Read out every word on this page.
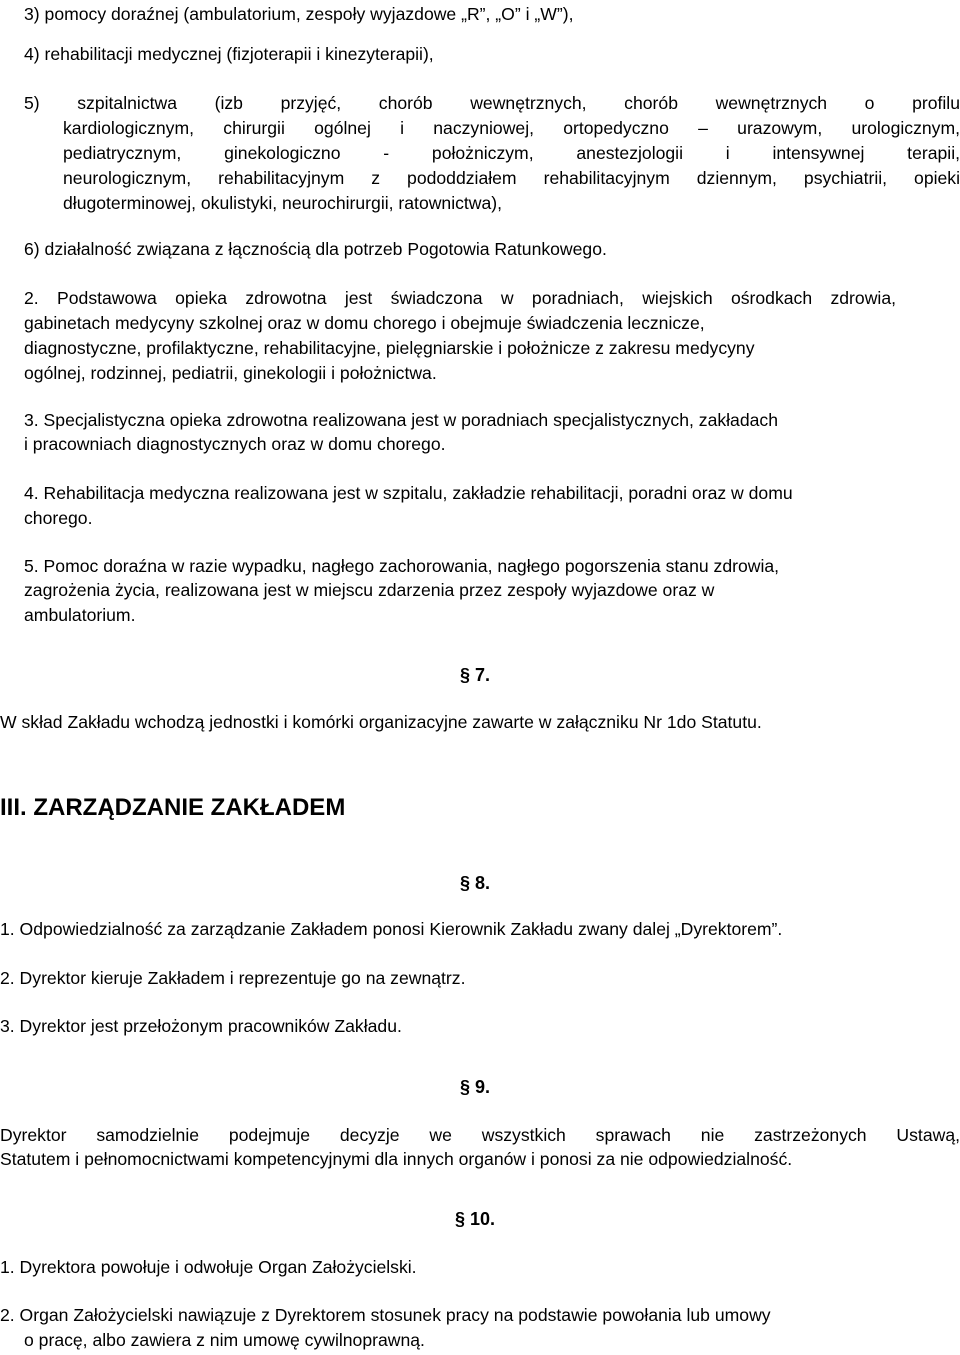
3) pomocy doraźnej (ambulatorium, zespoły wyjazdowe „R”, „O” i „W”),
4) rehabilitacji medycznej (fizjoterapii i kinezyterapii),
5) szpitalnictwa (izb przyjęć, chorób wewnętrznych, chorób wewnętrznych o profilu
kardiologicznym, chirurgii ogólnej i naczyniowej, ortopedyczno – urazowym, urologicznym,
pediatrycznym, ginekologiczno - położniczym, anestezjologii i intensywnej terapii,
neurologicznym, rehabilitacyjnym z pododdziałem rehabilitacyjnym dziennym, psychiatrii, opieki
długoterminowej, okulistyki, neurochirurgii, ratownictwa),
6) działalność związana z łącznością dla potrzeb Pogotowia Ratunkowego.
2. Podstawowa opieka zdrowotna jest świadczona w poradniach, wiejskich ośrodkach zdrowia,
gabinetach medycyny szkolnej oraz w domu chorego i obejmuje świadczenia lecznicze,
diagnostyczne, profilaktyczne, rehabilitacyjne, pielęgniarskie i położnicze z zakresu medycyny
ogólnej, rodzinnej, pediatrii, ginekologii i położnictwa.
3. Specjalistyczna opieka zdrowotna realizowana jest w poradniach specjalistycznych, zakładach
i pracowniach diagnostycznych oraz w domu chorego.
4. Rehabilitacja medyczna realizowana jest w szpitalu, zakładzie rehabilitacji, poradni oraz w domu
chorego.
5. Pomoc doraźna w razie wypadku, nagłego zachorowania, nagłego pogorszenia stanu zdrowia,
zagrożenia życia, realizowana jest w miejscu zdarzenia przez zespoły wyjazdowe oraz w
ambulatorium.
§ 7.
W skład Zakładu wchodzą jednostki i komórki organizacyjne zawarte w załączniku Nr 1do Statutu.
III. ZARZĄDZANIE ZAKŁADEM
§ 8.
1. Odpowiedzialność za zarządzanie Zakładem ponosi Kierownik Zakładu zwany dalej „Dyrektorem”.
2. Dyrektor kieruje Zakładem i reprezentuje go na zewnątrz.
3. Dyrektor jest przełożonym pracowników Zakładu.
§ 9.
Dyrektor samodzielnie podejmuje decyzje we wszystkich sprawach nie zastrzeżonych Ustawą,
Statutem i pełnomocnictwami kompetencyjnymi dla innych organów i ponosi za nie odpowiedzialność.
§ 10.
1. Dyrektora powołuje i odwołuje Organ Założycielski.
2. Organ Założycielski nawiązuje z Dyrektorem stosunek pracy na podstawie powołania lub umowy
o pracę, albo zawiera z nim umowę cywilnoprawną.
